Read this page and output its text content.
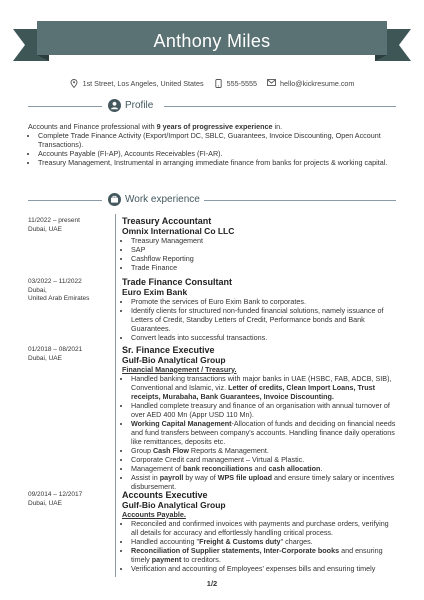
Anthony Miles
1st Street, Los Angeles, United States	555-5555	hello@kickresume.com
Profile
Accounts and Finance professional with 9 years of progressive experience in.
• Complete Trade Finance Activity (Export/Import DC, SBLC, Guarantees, Invoice Discounting, Open Account Transactions).
• Accounts Payable (FI-AP), Accounts Receivables (FI-AR).
• Treasury Management, Instrumental in arranging immediate finance from banks for projects & working capital.
Work experience
11/2022 – present
Dubai, UAE
Treasury Accountant
Omnix International Co LLC
• Treasury Management
• SAP
• Cashflow Reporting
• Trade Finance
03/2022 – 11/2022
Dubai,
United Arab Emirates
Trade Finance Consultant
Euro Exim Bank
• Promote the services of Euro Exim Bank to corporates.
• Identify clients for structured non-funded financial solutions, namely issuance of Letters of Credit, Standby Letters of Credit, Performance bonds and Bank Guarantees.
• Convert leads into successful transactions.
01/2018 – 08/2021
Dubai, UAE
Sr. Finance Executive
Gulf-Bio Analytical Group
Financial Management / Treasury.
• Handled banking transactions with major banks in UAE (HSBC, FAB, ADCB, SIB), Conventional and Islamic, viz. Letter of credits, Clean Import Loans, Trust receipts, Murabaha, Bank Guarantees, Invoice Discounting.
• Handled complete treasury and finance of an organisation with annual turnover of over AED 400 Mn (Appr USD 110 Mn).
• Working Capital Management-Allocation of funds and deciding on financial needs and fund transfers between company's accounts. Handling finance daily operations like remittances, deposits etc.
• Group Cash Flow Reports & Management.
• Corporate Credit card management – Virtual & Plastic.
• Management of bank reconciliations and cash allocation.
• Assist in payroll by way of WPS file upload and ensure timely salary or incentives disbursement.
09/2014 – 12/2017
Dubai, UAE
Accounts Executive
Gulf-Bio Analytical Group
Accounts Payable.
• Reconciled and confirmed invoices with payments and purchase orders, verifying all details for accuracy and effortlessly handling critical process.
• Handled accounting "Freight & Customs duty" charges.
• Reconciliation of Supplier statements, Inter-Corporate books and ensuring timely payment to creditors.
• Verification and accounting of Employees' expenses bills and ensuring timely
1/2
